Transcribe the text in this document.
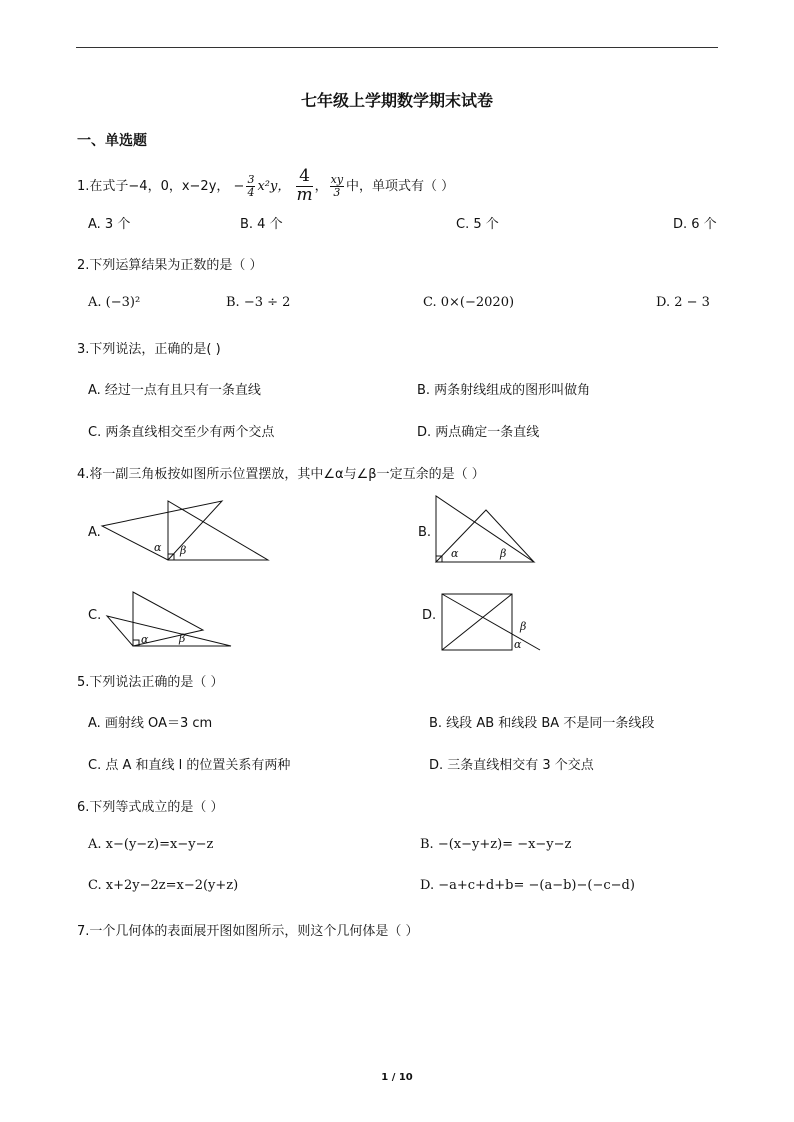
七年级上学期数学期末试卷
一、单选题
1.在式子−4，0，x−2y， − $\frac{3}{4} x^2y$， $\frac{4}{m}$ ， $\frac{xy}{3}$ 中，单项式有（ ）
A. 3 个	B. 4 个	C. 5 个	D. 6 个
2.下列运算结果为正数的是（ ）
A. (−3)²	B. −3 ÷ 2	C. 0×(−2020)	D. 2 − 3
3.下列说法，正确的是( )
A. 经过一点有且只有一条直线	B. 两条射线组成的图形叫做角
C. 两条直线相交至少有两个交点	D. 两点确定一条直线
4.将一副三角板按如图所示位置摆放，其中∠α与∠β一定互余的是（ ）
A.
α β
B.
α	β
C.
α	β
D.
β
α
5.下列说法正确的是（ ）
A. 画射线 OA＝3 cm	B. 线段 AB 和线段 BA 不是同一条线段
C. 点 A 和直线 l 的位置关系有两种	D. 三条直线相交有 3 个交点
6.下列等式成立的是（ ）
A. x−(y−z)=x−y−z	B. −(x−y+z)= −x−y−z
C. x+2y−2z=x−2(y+z)	D. −a+c+d+b= −(a−b)−(−c−d)
7.一个几何体的表面展开图如图所示，则这个几何体是（ ）
1 / 10
